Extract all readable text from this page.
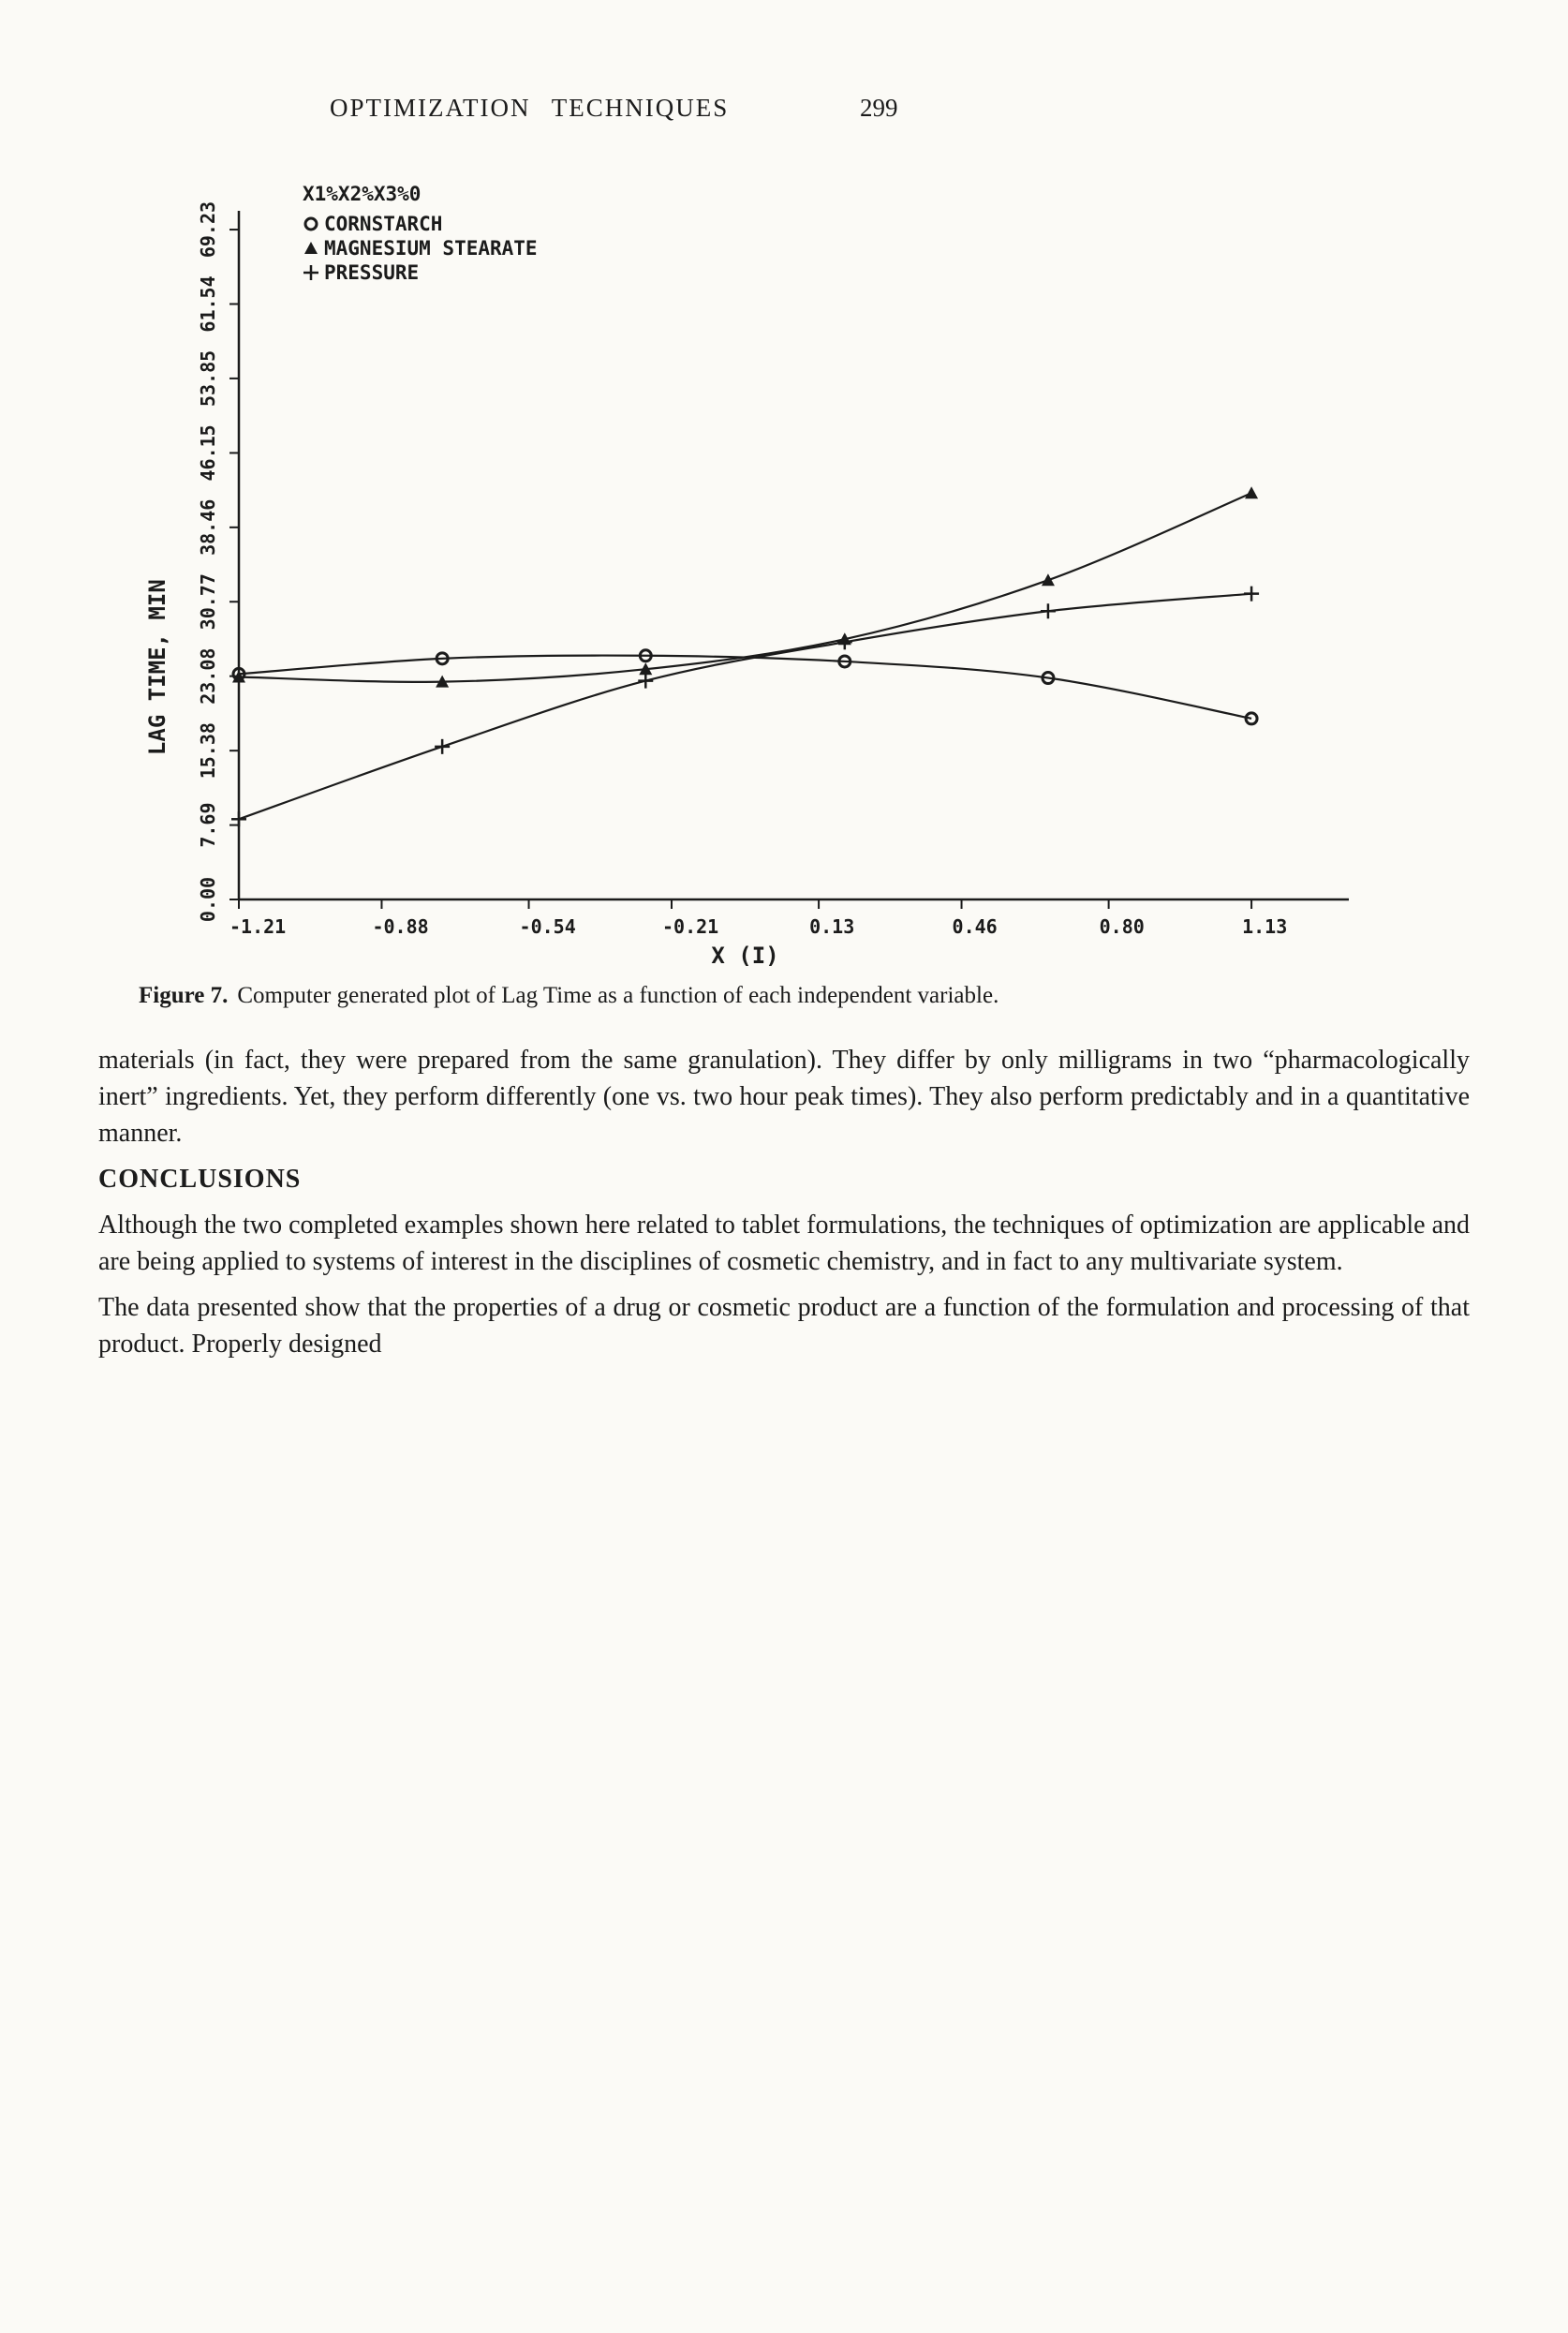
OPTIMIZATION TECHNIQUES	299
0.00
7.69
15.38
23.08
30.77
38.46
46.15
53.85
61.54
69.23
-1.21	-0.88	-0.54	-0.21	0.13	0.46	0.80	1.13
LAG TIME, MIN
X (I)
X1%X2%X3%0
CORNSTARCH
MAGNESIUM STEARATE
PRESSURE
Figure 7. Computer generated plot of Lag Time as a function of each independent variable.

materials (in fact, they were prepared from the same granulation). They differ by only milligrams in two “pharmacologically inert” ingredients. Yet, they perform differently (one vs. two hour peak times). They also perform predictably and in a quantitative manner.

CONCLUSIONS

Although the two completed examples shown here related to tablet formulations, the techniques of optimization are applicable and are being applied to systems of interest in the disciplines of cosmetic chemistry, and in fact to any multivariate system.

The data presented show that the properties of a drug or cosmetic product are a function of the formulation and processing of that product. Properly designed
